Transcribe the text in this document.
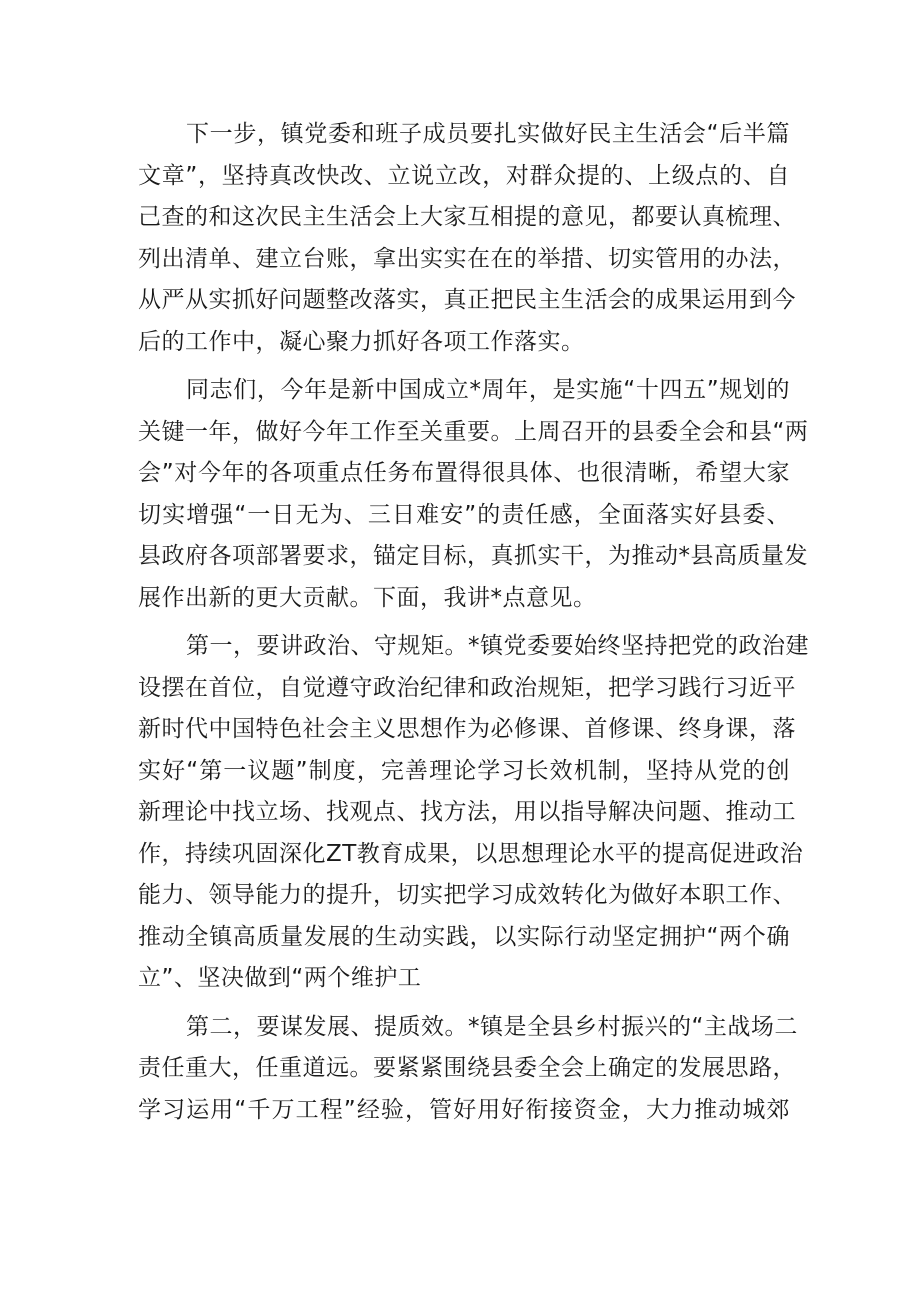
下一步，镇党委和班子成员要扎实做好民主生活会“后半篇
文章”，坚持真改快改、立说立改，对群众提的、上级点的、自
己查的和这次民主生活会上大家互相提的意见，都要认真梳理、
列出清单、建立台账，拿出实实在在的举措、切实管用的办法，
从严从实抓好问题整改落实，真正把民主生活会的成果运用到今
后的工作中，凝心聚力抓好各项工作落实。
同志们，今年是新中国成立*周年，是实施“十四五”规划的
关键一年，做好今年工作至关重要。上周召开的县委全会和县“两
会”对今年的各项重点任务布置得很具体、也很清晰，希望大家
切实增强“一日无为、三日难安”的责任感，全面落实好县委、
县政府各项部署要求，锚定目标，真抓实干，为推动*县高质量发
展作出新的更大贡献。下面，我讲*点意见。
第一，要讲政治、守规矩。*镇党委要始终坚持把党的政治建
设摆在首位，自觉遵守政治纪律和政治规矩，把学习践行习近平
新时代中国特色社会主义思想作为必修课、首修课、终身课，落
实好“第一议题”制度，完善理论学习长效机制，坚持从党的创
新理论中找立场、找观点、找方法，用以指导解决问题、推动工
作，持续巩固深化ZT教育成果，以思想理论水平的提高促进政治
能力、领导能力的提升，切实把学习成效转化为做好本职工作、
推动全镇高质量发展的生动实践，以实际行动坚定拥护“两个确
立”、坚决做到“两个维护工
第二，要谋发展、提质效。*镇是全县乡村振兴的“主战场二
责任重大，任重道远。要紧紧围绕县委全会上确定的发展思路，
学习运用“千万工程”经验，管好用好衔接资金，大力推动城郊
